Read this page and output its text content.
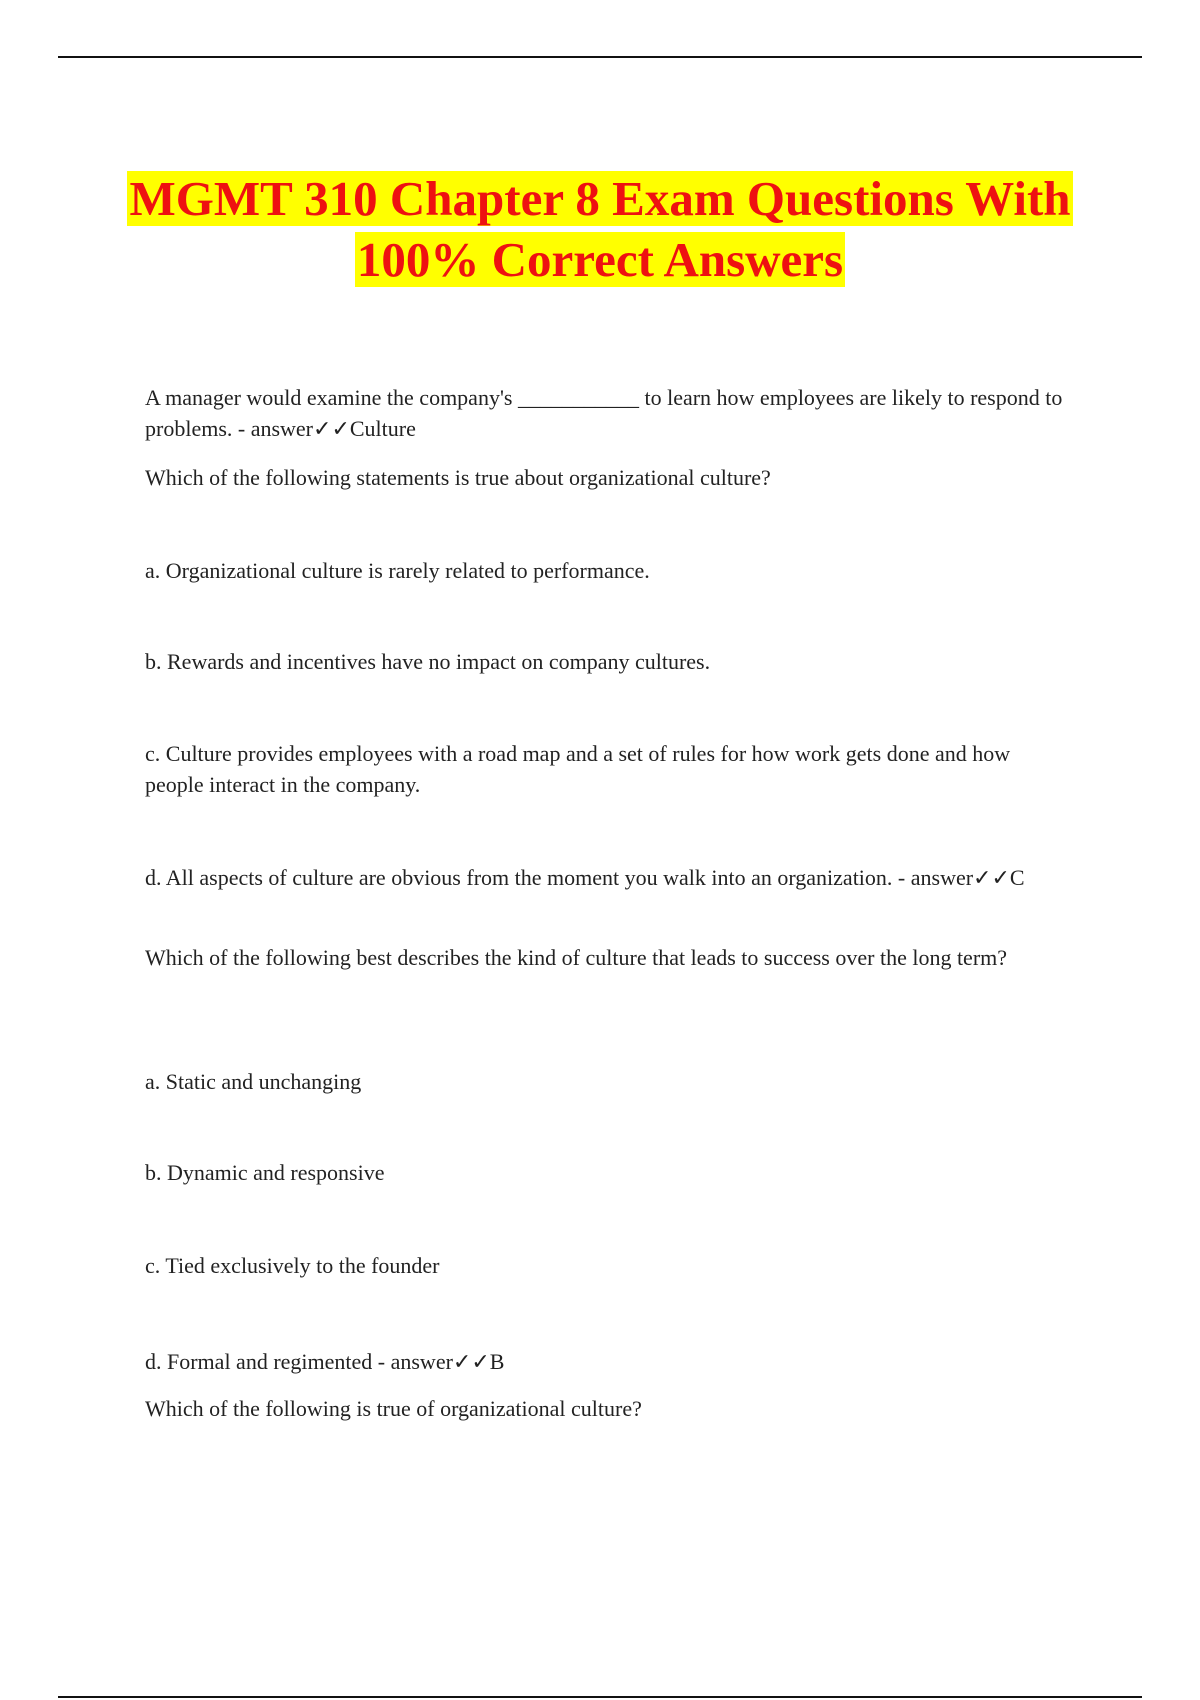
MGMT 310 Chapter 8 Exam Questions With
100% Correct Answers

A manager would examine the company's ___________ to learn how employees are likely to respond to problems. - answer✓✓Culture

Which of the following statements is true about organizational culture?

a. Organizational culture is rarely related to performance.

b. Rewards and incentives have no impact on company cultures.

c. Culture provides employees with a road map and a set of rules for how work gets done and how people interact in the company.

d. All aspects of culture are obvious from the moment you walk into an organization. - answer✓✓C

Which of the following best describes the kind of culture that leads to success over the long term?

a. Static and unchanging

b. Dynamic and responsive

c. Tied exclusively to the founder

d. Formal and regimented - answer✓✓B

Which of the following is true of organizational culture?
